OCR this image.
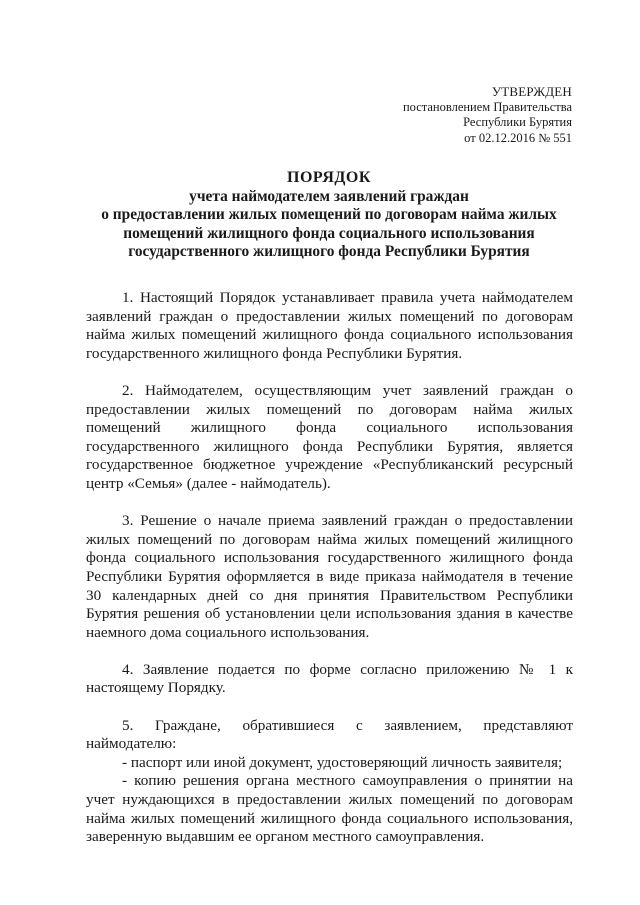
УТВЕРЖДЕН
постановлением Правительства
Республики Бурятия
от 02.12.2016 № 551
ПОРЯДОК
учета наймодателем заявлений граждан
о предоставлении жилых помещений по договорам найма жилых
помещений жилищного фонда социального использования
государственного жилищного фонда Республики Бурятия

1. Настоящий Порядок устанавливает правила учета наймодателем заявлений граждан о предоставлении жилых помещений по договорам найма жилых помещений жилищного фонда социального использования государственного жилищного фонда Республики Бурятия.

2. Наймодателем, осуществляющим учет заявлений граждан о предоставлении жилых помещений по договорам найма жилых помещений жилищного фонда социального использования государственного жилищного фонда Республики Бурятия, является государственное бюджетное учреждение «Республиканский ресурсный центр «Семья» (далее - наймодатель).

3. Решение о начале приема заявлений граждан о предоставлении жилых помещений по договорам найма жилых помещений жилищного фонда социального использования государственного жилищного фонда Республики Бурятия оформляется в виде приказа наймодателя в течение 30 календарных дней со дня принятия Правительством Республики Бурятия решения об установлении цели использования здания в качестве наемного дома социального использования.

4. Заявление подается по форме согласно приложению № 1 к настоящему Порядку.

5. Граждане, обратившиеся с заявлением, представляют наймодателю:

- паспорт или иной документ, удостоверяющий личность заявителя;

- копию решения органа местного самоуправления о принятии на учет нуждающихся в предоставлении жилых помещений по договорам найма жилых помещений жилищного фонда социального использования, заверенную выдавшим ее органом местного самоуправления.
